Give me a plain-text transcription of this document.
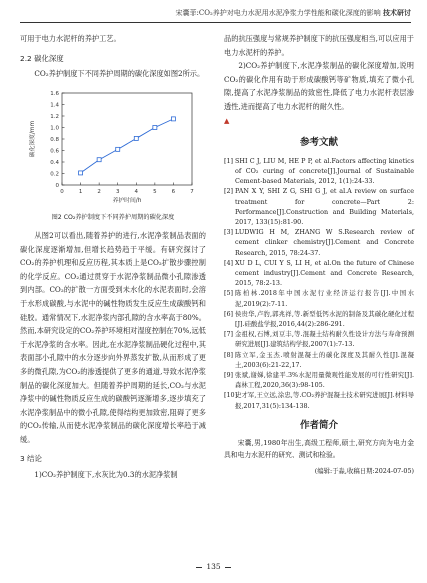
宋囊菲:CO₂养护对电力水泥用水泥净浆力学性能和碳化深度的影响 技术研讨

可用于电力水泥杆的养护工艺。

2.2 碳化深度

CO₂养护制度下不同养护周期的碳化深度如图2所示。

0	1	2	3	4	5	6	7
0
0.2
0.4
0.6
0.8
1.0
1.2
1.4
1.6
养护时间/h
碳化深度/mm
图2 CO₂养护制度下不同养护周期的碳化深度

从图2可以看出,随着养护的进行,水泥净浆制品表面的碳化深度逐渐增加,但增长趋势趋于平缓。有研究探讨了CO₂的养护机理和反应历程,其本质上是CO₂扩散步骤控制的化学反应。CO₂通过贯穿于水泥净浆制品微小孔隙渗透到内部。CO₂的扩散一方面受到未水化的水泥表面时,会溶于水形成碳酸,与水泥中的碱性物质发生反应生成碳酸钙和硅胶。通常情况下,水泥净浆内部孔隙的含水率高于80%。然而,本研究设定的CO₂养护环境相对湿度控制在70%,远低于水泥净浆的含水率。因此,在水泥净浆制品硬化过程中,其表面部小孔隙中的水分逐步向外界蒸发扩散,从而形成了更多的微孔隙,为CO₂的渗透提供了更多的通道,导致水泥净浆制品的碳化深度加大。但随着养护周期的延长,CO₂与水泥净浆中的碱性物质反应生成的碳酸钙逐渐增多,逐步填充了水泥净浆制品中的微小孔隙,使得结构更加致密,阻碍了更多的CO₂传输,从而使水泥净浆制品的碳化深度增长率趋于减缓。

3 结论

1)CO₂养护制度下,水灰比为0.3的水泥净浆制

品的抗压强度与常规养护制度下的抗压强度相当,可以应用于电力水泥杆的养护。

2)CO₂养护制度下,水泥净浆制品的碳化深度增加,说明CO₂的碳化作用有助于形成碳酸钙等矿物质,填充了微小孔隙,提高了水泥净浆制品的致密性,降低了电力水泥杆表层渗透性,进而提高了电力水泥杆的耐久性。

▲
参考文献
[1] SHI C J, LIU M, HE P P, et al.Factors affecting kinetics of CO₂ curing of concrete[J].Journal of Sustainable Cement-based Materials, 2012, 1(1):24-33.
[2] PAN X Y, SHI Z G, SHI G J, et al.A review on surface treatment for concrete—Part 2: Performance[J].Construction and Building Materials, 2017, 133(15):81-90.
[3] LUDWIG H M, ZHANG W S.Research review of cement clinker chemistry[J].Cement and Concrete Research, 2015, 78:24-37.
[4] XU D L, CUI Y S, LI H, et al.On the future of Chinese cement industry[J].Cement and Concrete Research, 2015, 78:2-13.
[5] 陈柏林.2018年中国水泥行业经济运行报告[J].中国水泥,2019(2):7-11.
[6] 侯贵华,卢豹,郭兆祥,等.新型低钙水泥的制备及其碳化硬化过程[J].硅酸盐学报,2016,44(2):286-291.
[7] 金祖权,石博,刘豆丰,等.混凝土结构耐久性设计方法与寿命预测研究进展[J].建筑结构学报,2007(1):7-13.
[8] 陈立军,金玉杰.喷射混凝土的碳化深度及其耐久性[J].混凝土,2003(6):21-22,17.
[9] 张斌,谢娣,徐建平.3%水泥用量微观性能发展的可行性研究[J].森林工程,2020,36(3):98-105.
[10]
史才军,王立远,涂忠,等.CO₂养护混凝土技术研究进展[J].材料导报,2017,31(5):134-138.
作者简介
宋囊,男,1980年出生,高级工程师,硕士,研究方向为电力金具和电力水泥杆的研究、测试和检验。
(编辑:于淼,收稿日期:2024-07-05)
135
